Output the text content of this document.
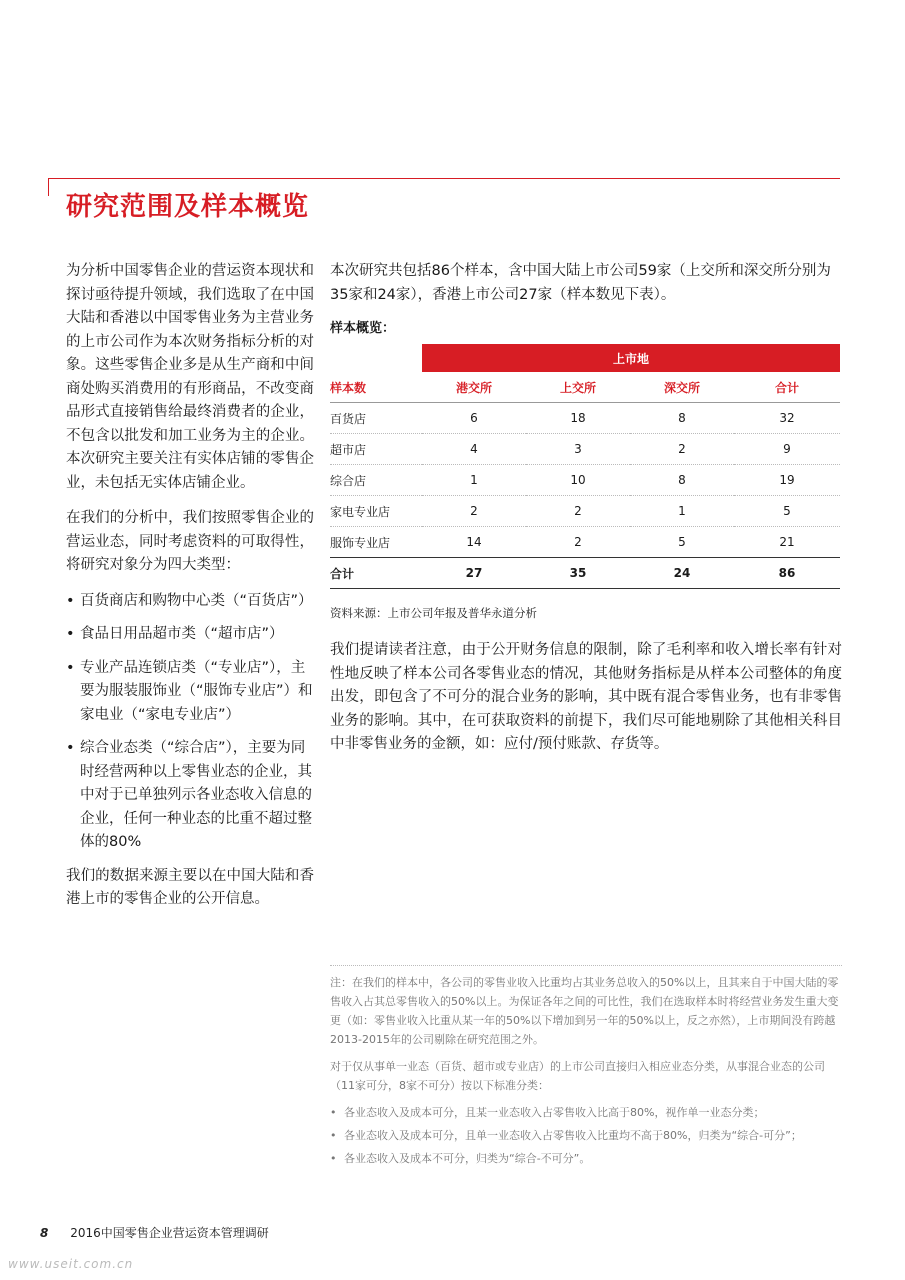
研究范围及样本概览

为分析中国零售企业的营运资本现状和探讨亟待提升领域，我们选取了在中国大陆和香港以中国零售业务为主营业务的上市公司作为本次财务指标分析的对象。这些零售企业多是从生产商和中间商处购买消费用的有形商品，不改变商品形式直接销售给最终消费者的企业，不包含以批发和加工业务为主的企业。本次研究主要关注有实体店铺的零售企业，未包括无实体店铺企业。

在我们的分析中，我们按照零售企业的营运业态，同时考虑资料的可取得性，将研究对象分为四大类型：

• 百货商店和购物中心类（“百货店”）
• 食品日用品超市类（“超市店”）
• 专业产品连锁店类（“专业店”），主要为服装服饰业（“服饰专业店”）和家电业（“家电专业店”）
• 综合业态类（“综合店”），主要为同时经营两种以上零售业态的企业，其中对于已单独列示各业态收入信息的企业，任何一种业态的比重不超过整体的80%

我们的数据来源主要以在中国大陆和香港上市的零售企业的公开信息。

本次研究共包括86个样本，含中国大陆上市公司59家（上交所和深交所分别为35家和24家），香港上市公司27家（样本数见下表）。

样本概览：

	上市地			
样本数	港交所	上交所	深交所	合计
百货店	6	18	8	32
超市店	4	3	2	9
综合店	1	10	8	19
家电专业店	2	2	1	5
服饰专业店	14	2	5	21
合计	27	35	24	86

资料来源：上市公司年报及普华永道分析

我们提请读者注意，由于公开财务信息的限制，除了毛利率和收入增长率有针对性地反映了样本公司各零售业态的情况，其他财务指标是从样本公司整体的角度出发，即包含了不可分的混合业务的影响，其中既有混合零售业务，也有非零售业务的影响。其中，在可获取资料的前提下，我们尽可能地剔除了其他相关科目中非零售业务的金额，如：应付/预付账款、存货等。

注：在我们的样本中，各公司的零售业收入比重均占其业务总收入的50%以上，且其来自于中国大陆的零售收入占其总零售收入的50%以上。为保证各年之间的可比性，我们在选取样本时将经营业务发生重大变更（如：零售业收入比重从某一年的50%以下增加到另一年的50%以上，反之亦然），上市期间没有跨越2013-2015年的公司剔除在研究范围之外。

对于仅从事单一业态（百货、超市或专业店）的上市公司直接归入相应业态分类，从事混合业态的公司（11家可分，8家不可分）按以下标准分类：

• 各业态收入及成本可分，且某一业态收入占零售收入比高于80%，视作单一业态分类；
• 各业态收入及成本可分，且单一业态收入占零售收入比重均不高于80%，归类为“综合-可分”；
• 各业态收入及成本不可分，归类为“综合-不可分”。
8 2016中国零售企业营运资本管理调研
www.useit.com.cn
